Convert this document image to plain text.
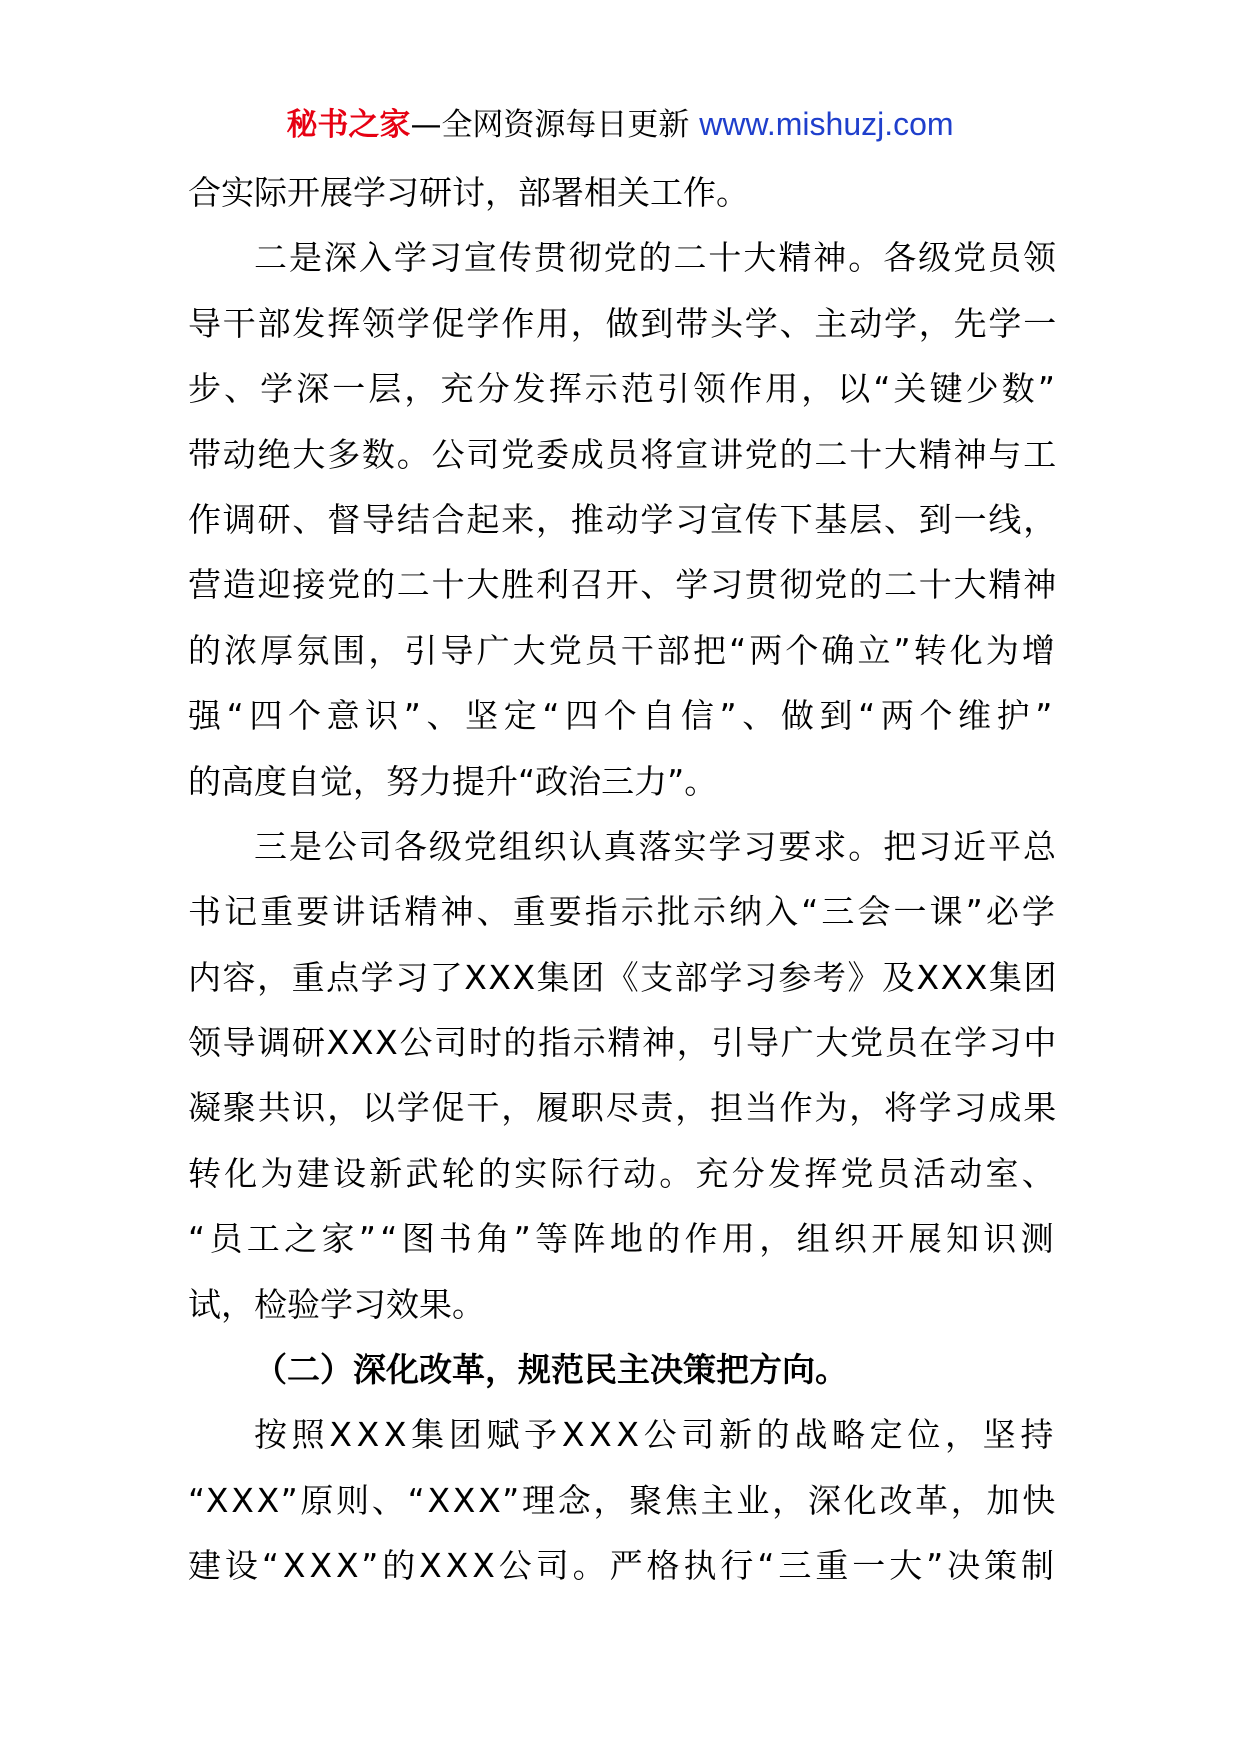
秘书之家—全网资源每日更新 www.mishuzj.com
合实际开展学习研讨，部署相关工作。
二是深入学习宣传贯彻党的二十大精神。各级党员领
导干部发挥领学促学作用，做到带头学、主动学，先学一
步、学深一层，充分发挥示范引领作用，以“关键少数”
带动绝大多数。公司党委成员将宣讲党的二十大精神与工
作调研、督导结合起来，推动学习宣传下基层、到一线，
营造迎接党的二十大胜利召开、学习贯彻党的二十大精神
的浓厚氛围，引导广大党员干部把“两个确立”转化为增
强“四个意识”、坚定“四个自信”、做到“两个维护”
的高度自觉，努力提升“政治三力”。
三是公司各级党组织认真落实学习要求。把习近平总
书记重要讲话精神、重要指示批示纳入“三会一课”必学
内容，重点学习了XXX集团《支部学习参考》及XXX集团
领导调研XXX公司时的指示精神，引导广大党员在学习中
凝聚共识，以学促干，履职尽责，担当作为，将学习成果
转化为建设新武轮的实际行动。充分发挥党员活动室、
“员工之家”“图书角”等阵地的作用，组织开展知识测
试，检验学习效果。
（二）深化改革，规范民主决策把方向。
按照XXX集团赋予XXX公司新的战略定位，坚持
“XXX”原则、“XXX”理念，聚焦主业，深化改革，加快
建设“XXX”的XXX公司。严格执行“三重一大”决策制
